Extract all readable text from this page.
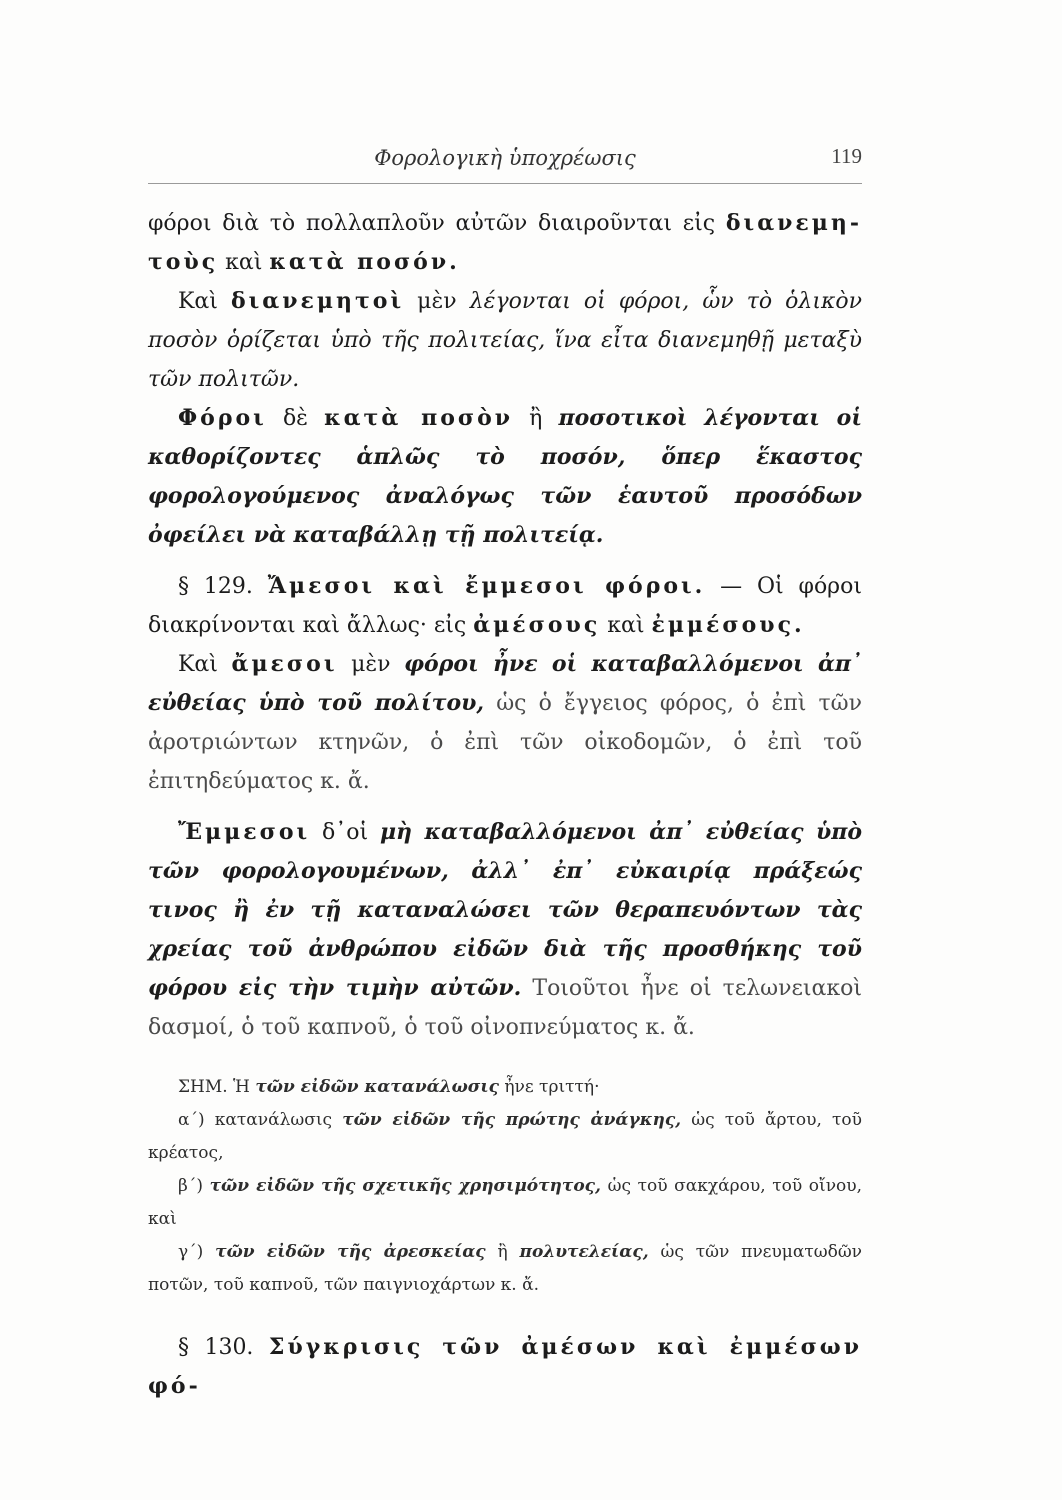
Φορολογικὴ ὑποχρέωσις	119

φόροι διὰ τὸ πολλαπλοῦν αὐτῶν διαιροῦνται εἰς διανεμη-τοὺς καὶ κατὰ ποσόν.

Καὶ διανεμητοὶ μὲν λέγονται οἱ φόροι, ὧν τὸ ὁλικὸν ποσὸν ὁρίζεται ὑπὸ τῆς πολιτείας, ἵνα εἶτα διανεμηθῇ μεταξὺ τῶν πολιτῶν.

Φόροι δὲ κατὰ ποσὸν ἢ ποσοτικοὶ λέγονται οἱ καθορίζοντες ἁπλῶς τὸ ποσόν, ὅπερ ἕκαστος φορολογούμενος ἀναλόγως τῶν ἑαυτοῦ προσόδων ὀφείλει νὰ καταβάλλῃ τῇ πολιτείᾳ.

§ 129. Ἄμεσοι καὶ ἔμμεσοι φόροι. — Οἱ φόροι διακρίνονται καὶ ἄλλως· εἰς ἀμέσους καὶ ἐμμέσους.

Καὶ ἄμεσοι μὲν φόροι ἦνε οἱ καταβαλλόμενοι ἀπ᾽ εὐθείας ὑπὸ τοῦ πολίτου, ὡς ὁ ἔγγειος φόρος, ὁ ἐπὶ τῶν ἀροτριώντων κτηνῶν, ὁ ἐπὶ τῶν οἰκοδομῶν, ὁ ἐπὶ τοῦ ἐπιτηδεύματος κ. ἄ.

Ἔμμεσοι δ᾽οἱ μὴ καταβαλλόμενοι ἀπ᾽ εὐθείας ὑπὸ τῶν φορολογουμένων, ἀλλ᾽ ἐπ᾽ εὐκαιρίᾳ πράξεώς τινος ἢ ἐν τῇ καταναλώσει τῶν θεραπευόντων τὰς χρείας τοῦ ἀνθρώπου εἰδῶν διὰ τῆς προσθήκης τοῦ φόρου εἰς τὴν τιμὴν αὐτῶν. Τοιοῦτοι ἦνε οἱ τελωνειακοὶ δασμοί, ὁ τοῦ καπνοῦ, ὁ τοῦ οἰνοπνεύματος κ. ἄ.

ΣΗΜ. Ἡ τῶν εἰδῶν κατανάλωσις ἦνε τριττή·

α΄) κατανάλωσις τῶν εἰδῶν τῆς πρώτης ἀνάγκης, ὡς τοῦ ἄρτου, τοῦ κρέατος,

β΄) τῶν εἰδῶν τῆς σχετικῆς χρησιμότητος, ὡς τοῦ σακχάρου, τοῦ οἴνου, καὶ

γ΄) τῶν εἰδῶν τῆς ἀρεσκείας ἢ πολυτελείας, ὡς τῶν πνευματωδῶν ποτῶν, τοῦ καπνοῦ, τῶν παιγνιοχάρτων κ. ἄ.

§ 130. Σύγκρισις τῶν ἀμέσων καὶ ἐμμέσων φό-
